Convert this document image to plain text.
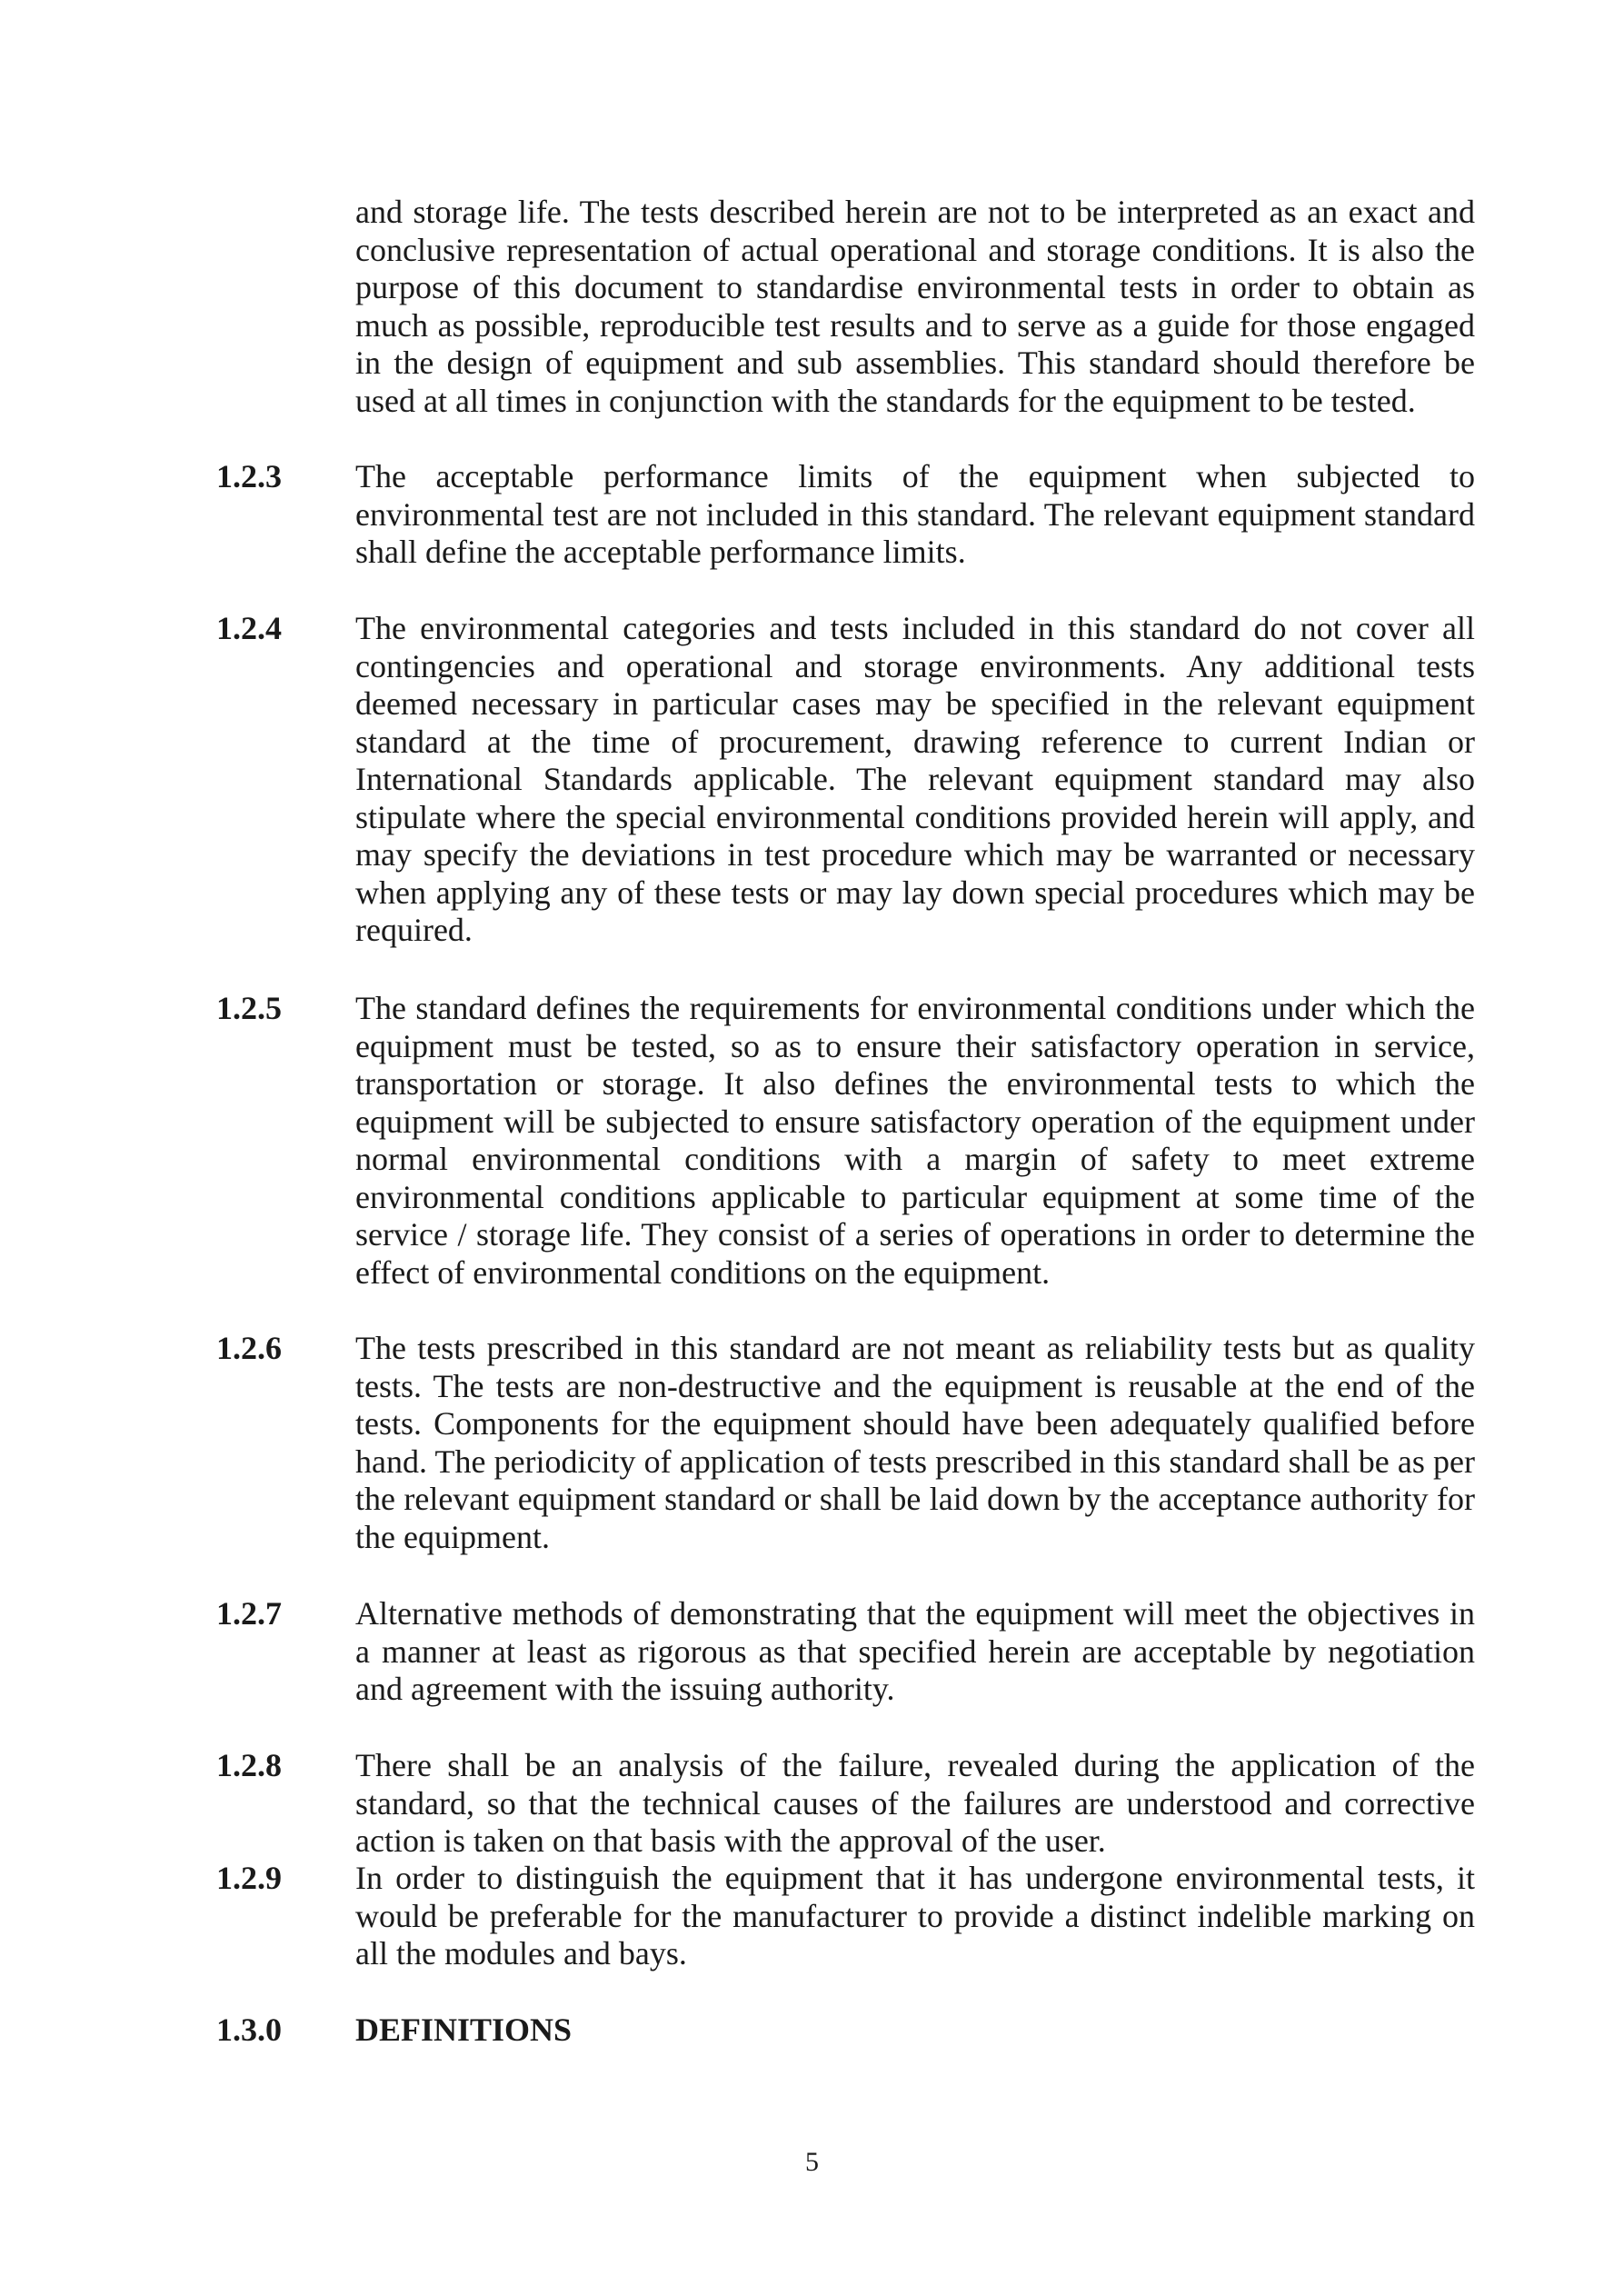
and storage life. The tests described herein are not to be interpreted as an exact and conclusive representation of actual operational and storage conditions. It is also the purpose of this document to standardise environmental tests in order to obtain as much as possible, reproducible test results and to serve as a guide for those engaged in the design of equipment and sub assemblies. This standard should therefore be used at all times in conjunction with the standards for the equipment to be tested.

1.2.3	The acceptable performance limits of the equipment when subjected to environmental test are not included in this standard. The relevant equipment standard shall define the acceptable performance limits.

1.2.4	The environmental categories and tests included in this standard do not cover all contingencies and operational and storage environments. Any additional tests deemed necessary in particular cases may be specified in the relevant equipment standard at the time of procurement, drawing reference to current Indian or International Standards applicable. The relevant equipment standard may also stipulate where the special environmental conditions provided herein will apply, and may specify the deviations in test procedure which may be warranted or necessary when applying any of these tests or may lay down special procedures which may be required.

1.2.5	The standard defines the requirements for environmental conditions under which the equipment must be tested, so as to ensure their satisfactory operation in service, transportation or storage. It also defines the environmental tests to which the equipment will be subjected to ensure satisfactory operation of the equipment under normal environmental conditions with a margin of safety to meet extreme environmental conditions applicable to particular equipment at some time of the service / storage life. They consist of a series of operations in order to determine the effect of environmental conditions on the equipment.

1.2.6	The tests prescribed in this standard are not meant as reliability tests but as quality tests. The tests are non-destructive and the equipment is reusable at the end of the tests. Components for the equipment should have been adequately qualified before hand. The periodicity of application of tests prescribed in this standard shall be as per the relevant equipment standard or shall be laid down by the acceptance authority for the equipment.

1.2.7	Alternative methods of demonstrating that the equipment will meet the objectives in a manner at least as rigorous as that specified herein are acceptable by negotiation and agreement with the issuing authority.

1.2.8	There shall be an analysis of the failure, revealed during the application of the standard, so that the technical causes of the failures are understood and corrective action is taken on that basis with the approval of the user.

1.2.9	In order to distinguish the equipment that it has undergone environmental tests, it would be preferable for the manufacturer to provide a distinct indelible marking on all the modules and bays.

1.3.0	DEFINITIONS
5
